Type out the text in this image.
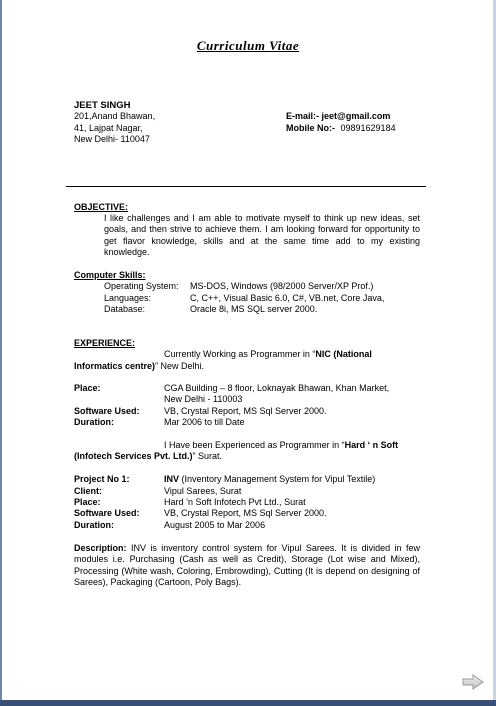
Curriculum Vitae
JEET SINGH
201,Anand Bhawan,
41, Lajpat Nagar,
New Delhi- 110047
E-mail:- jeet@gmail.com
Mobile No:- 09891629184
OBJECTIVE:
I like challenges and I am able to motivate myself to think up new ideas, set goals, and then strive to achieve them. I am looking forward for opportunity to get flavor knowledge, skills and at the same time add to my existing knowledge.
Computer Skills:
Operating System: MS-DOS, Windows (98/2000 Server/XP Prof.)
Languages:	C, C++, Visual Basic 6.0, C#, VB.net, Core Java,
Database:	Oracle 8i, MS SQL server 2000.
EXPERIENCE:
Currently Working as Programmer in “NIC (National
Informatics centre)” New Delhi.
Place:	CGA Building – 8 floor, Loknayak Bhawan, Khan Market,
New Delhi - 110003
Software Used:	VB, Crystal Report, MS Sql Server 2000.
Duration:	Mar 2006 to till Date
I Have been Experienced as Programmer in “Hard ‘ n Soft
(Infotech Services Pvt. Ltd.)” Surat.
Project No 1:	INV (Inventory Management System for Vipul Textile)
Client:	Vipul Sarees, Surat
Place:	Hard ’n Soft Infotech Pvt Ltd., Surat
Software Used:	VB, Crystal Report, MS Sql Server 2000.
Duration:	August 2005 to Mar 2006
Description: INV is inventory control system for Vipul Sarees. It is divided in few modules i.e. Purchasing (Cash as well as Credit), Storage (Lot wise and Mixed), Processing (White wash, Coloring, Embrowding), Cutting (It is depend on designing of Sarees), Packaging (Cartoon, Poly Bags).
